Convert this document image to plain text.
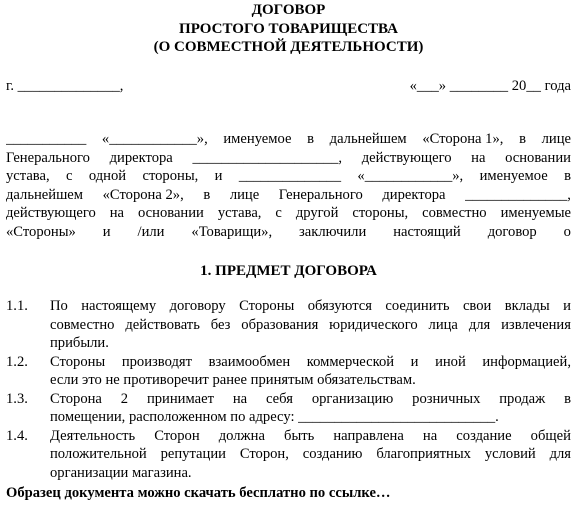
ДОГОВОР
ПРОСТОГО ТОВАРИЩЕСТВА
(О СОВМЕСТНОЙ ДЕЯТЕЛЬНОСТИ)
г. ______________,	«___» ________ 20__ года
___________ «____________», именуемое в дальнейшем «Сторона 1», в лице
Генерального директора ____________________, действующего на основании
устава, с одной стороны, и ______________ «____________», именуемое в
дальнейшем «Сторона 2», в лице Генерального директора ______________,
действующего на основании устава, с другой стороны, совместно именуемые
«Стороны» и /или «Товарищи», заключили настоящий договор о
1. ПРЕДМЕТ ДОГОВОРА
1.1. По настоящему договору Стороны обязуются соединить свои вклады и
совместно действовать без образования юридического лица для извлечения
прибыли.
1.2. Стороны производят взаимообмен коммерческой и иной информацией,
если это не противоречит ранее принятым обязательствам.
1.3. Сторона 2 принимает на себя организацию розничных продаж в
помещении, расположенном по адресу: ___________________________.
1.4. Деятельность Сторон должна быть направлена на создание общей
положительной репутации Сторон, созданию благоприятных условий для
организации магазина.
Образец документа можно скачать бесплатно по ссылке…
